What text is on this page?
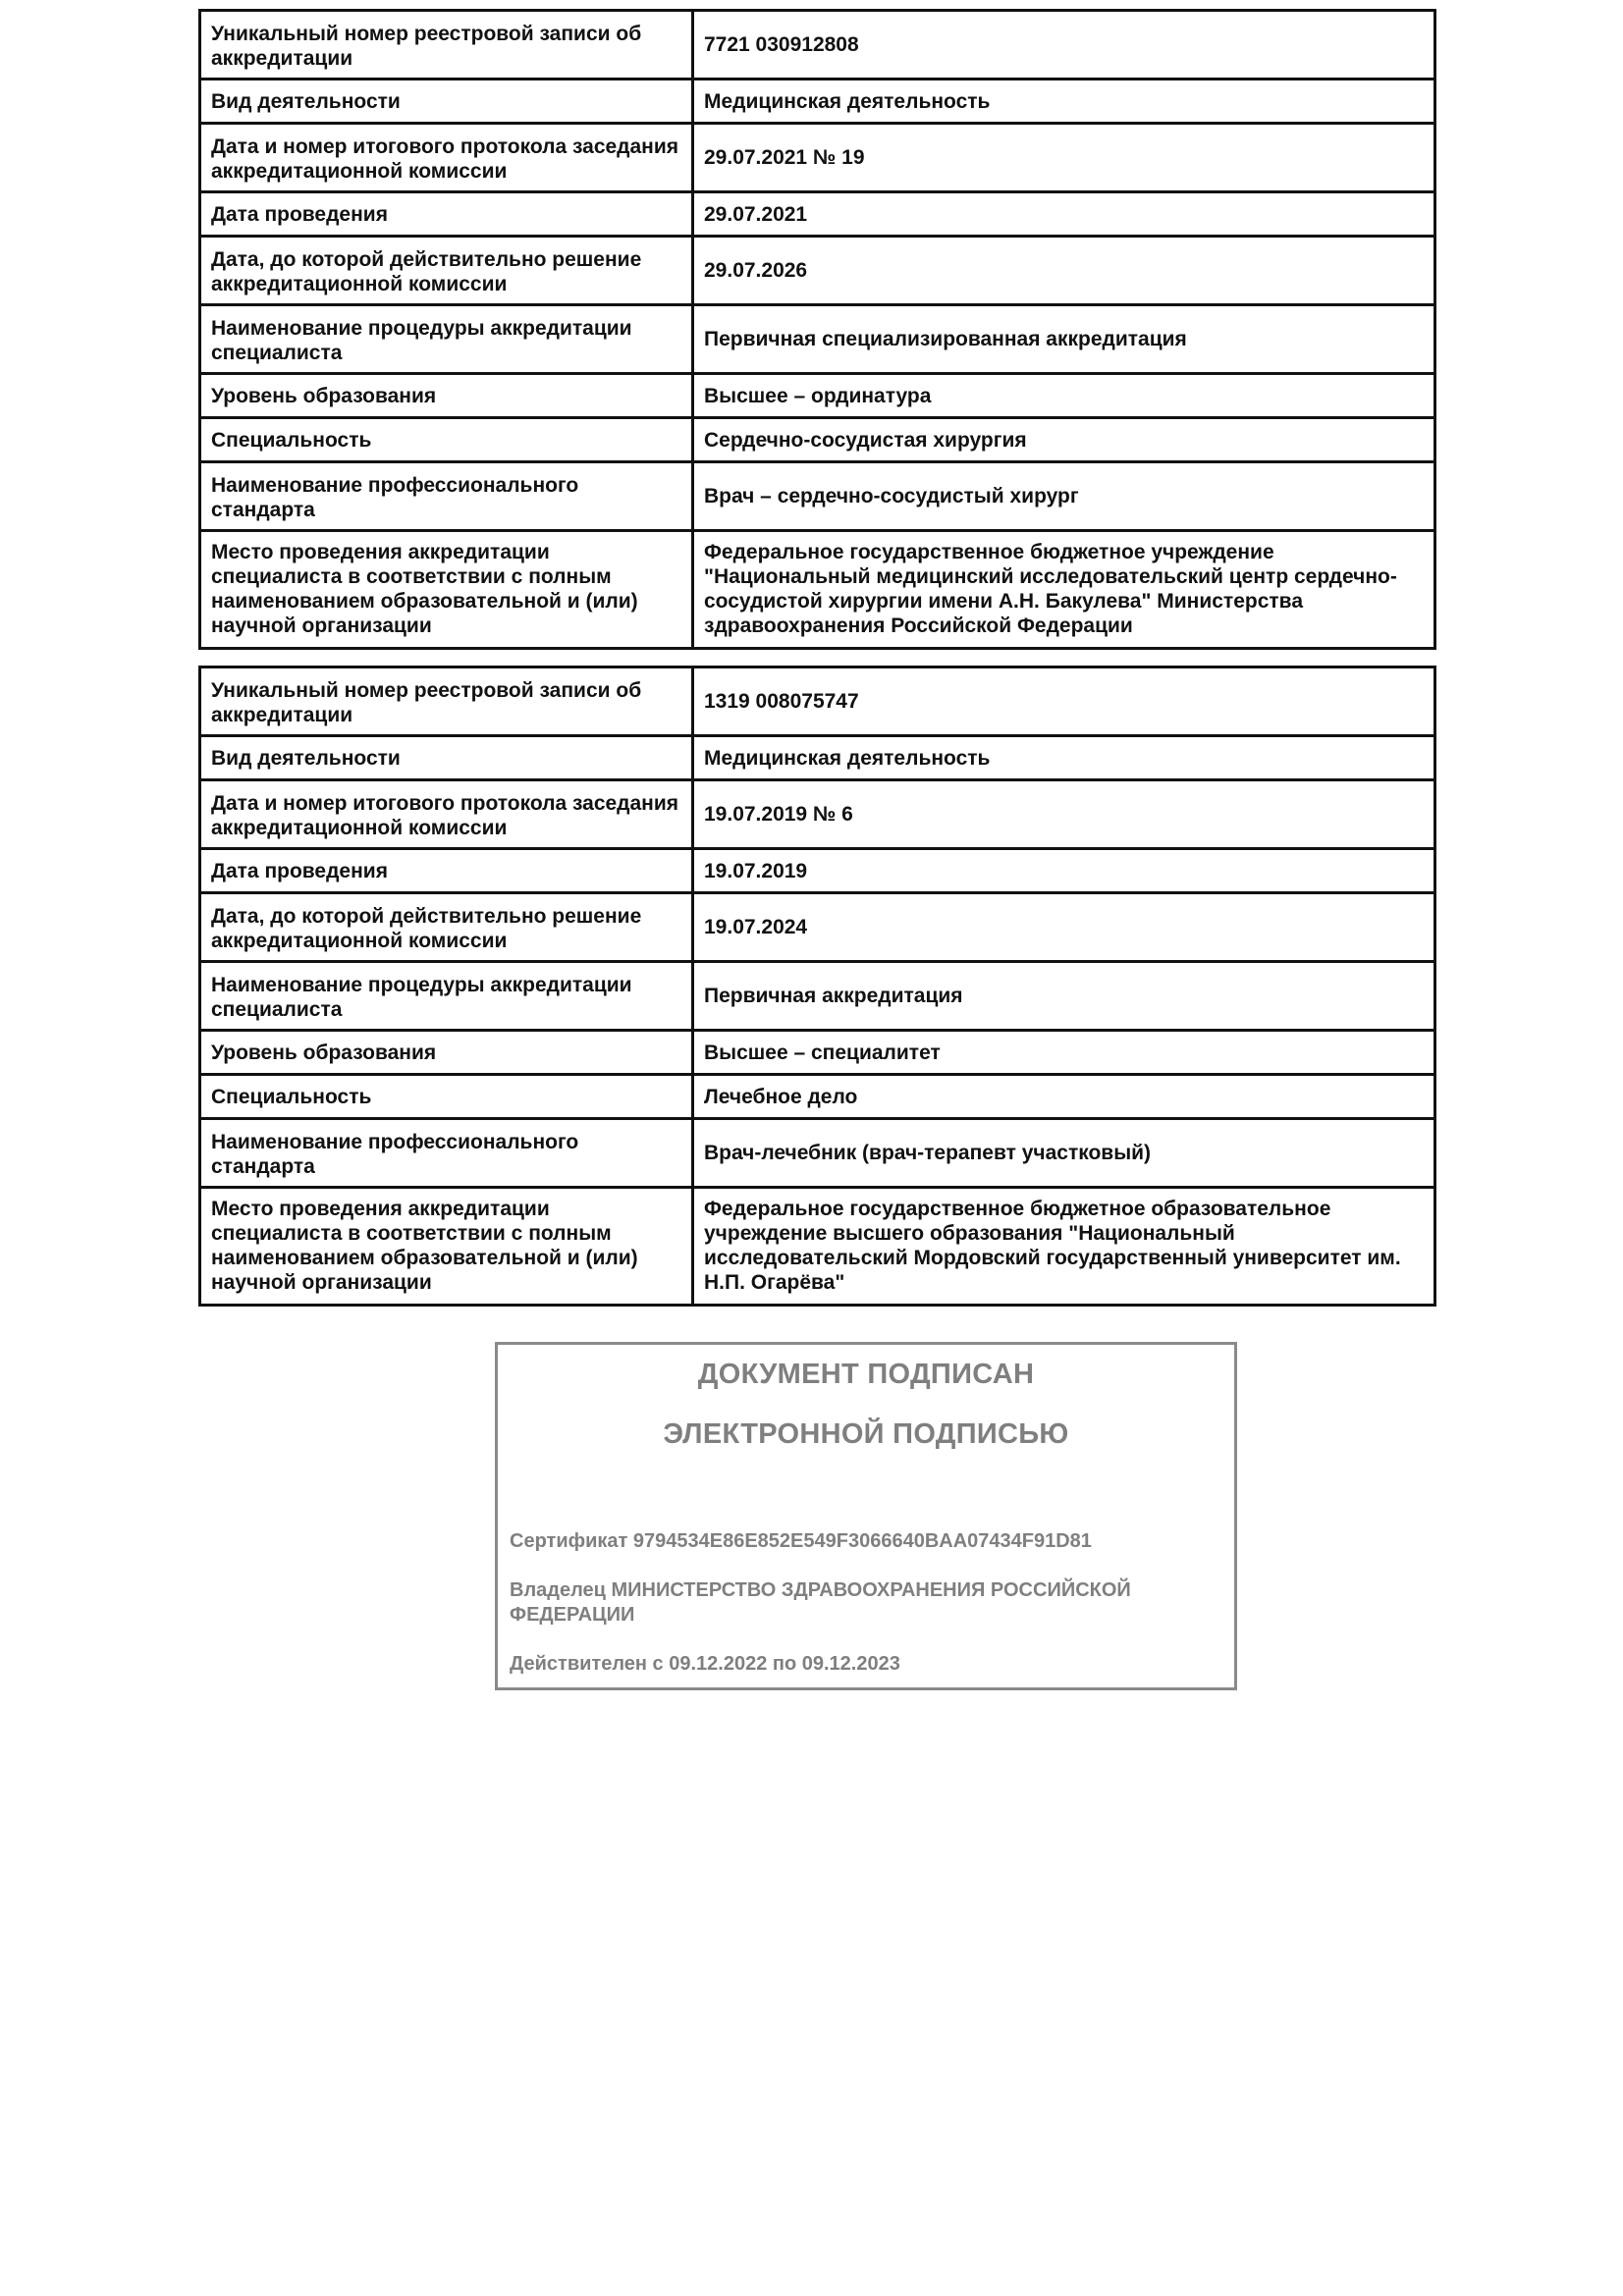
Уникальный номер реестровой записи об аккредитации	7721 030912808
Вид деятельности	Медицинская деятельность
Дата и номер итогового протокола заседания аккредитационной комиссии	29.07.2021 № 19
Дата проведения	29.07.2021
Дата, до которой действительно решение аккредитационной комиссии	29.07.2026
Наименование процедуры аккредитации специалиста	Первичная специализированная аккредитация
Уровень образования	Высшее – ординатура
Специальность	Сердечно-сосудистая хирургия
Наименование профессионального стандарта	Врач – сердечно-сосудистый хирург
Место проведения аккредитации специалиста в соответствии с полным наименованием образовательной и (или) научной организации	Федеральное государственное бюджетное учреждение "Национальный медицинский исследовательский центр сердечно-сосудистой хирургии имени А.Н. Бакулева" Министерства здравоохранения Российской Федерации
Уникальный номер реестровой записи об аккредитации	1319 008075747
Вид деятельности	Медицинская деятельность
Дата и номер итогового протокола заседания аккредитационной комиссии	19.07.2019 № 6
Дата проведения	19.07.2019
Дата, до которой действительно решение аккредитационной комиссии	19.07.2024
Наименование процедуры аккредитации специалиста	Первичная аккредитация
Уровень образования	Высшее – специалитет
Специальность	Лечебное дело
Наименование профессионального стандарта	Врач-лечебник (врач-терапевт участковый)
Место проведения аккредитации специалиста в соответствии с полным наименованием образовательной и (или) научной организации	Федеральное государственное бюджетное образовательное учреждение высшего образования "Национальный исследовательский Мордовский государственный университет им. Н.П. Огарёва"
ДОКУМЕНТ ПОДПИСАН
ЭЛЕКТРОННОЙ ПОДПИСЬЮ
Сертификат 9794534E86E852E549F3066640BAA07434F91D81
Владелец МИНИСТЕРСТВО ЗДРАВООХРАНЕНИЯ РОССИЙСКОЙ ФЕДЕРАЦИИ
Действителен с 09.12.2022 по 09.12.2023
